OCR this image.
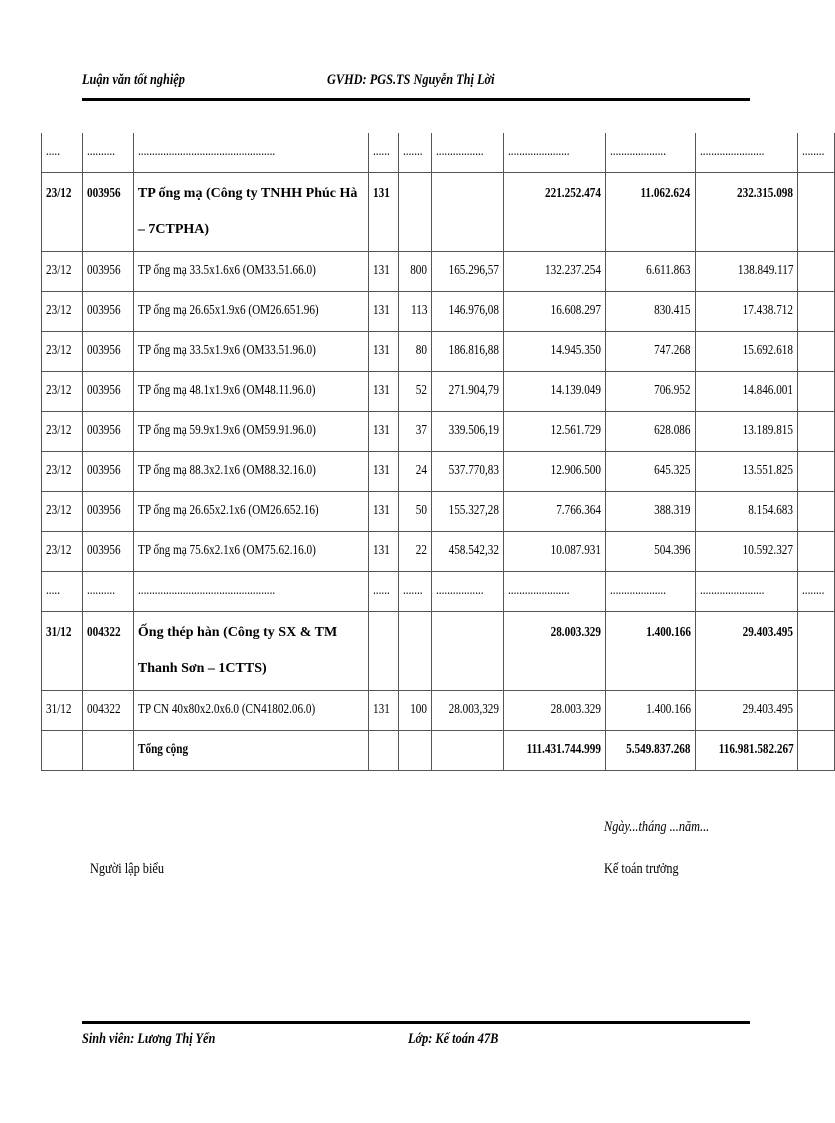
Luận văn tốt nghiệp	GVHD: PGS.TS Nguyễn Thị Lời
.....	..........	.................................................	......	.......	.................	......................	....................	.......................	........
23/12	003956	TP ống mạ (Công ty TNHH Phúc Hà – 7CTPHA)	131			221.252.474	11.062.624	232.315.098	
23/12	003956	TP ống mạ 33.5x1.6x6 (OM33.51.66.0)	131	800	165.296,57	132.237.254	6.611.863	138.849.117	
23/12	003956	TP ống mạ 26.65x1.9x6 (OM26.651.96)	131	113	146.976,08	16.608.297	830.415	17.438.712	
23/12	003956	TP ống mạ 33.5x1.9x6 (OM33.51.96.0)	131	80	186.816,88	14.945.350	747.268	15.692.618	
23/12	003956	TP ống mạ 48.1x1.9x6 (OM48.11.96.0)	131	52	271.904,79	14.139.049	706.952	14.846.001	
23/12	003956	TP ống mạ 59.9x1.9x6 (OM59.91.96.0)	131	37	339.506,19	12.561.729	628.086	13.189.815	
23/12	003956	TP ống mạ 88.3x2.1x6 (OM88.32.16.0)	131	24	537.770,83	12.906.500	645.325	13.551.825	
23/12	003956	TP ống mạ 26.65x2.1x6 (OM26.652.16)	131	50	155.327,28	7.766.364	388.319	8.154.683	
23/12	003956	TP ống mạ 75.6x2.1x6 (OM75.62.16.0)	131	22	458.542,32	10.087.931	504.396	10.592.327	
.....	..........	.................................................	......	.......	.................	......................	....................	.......................	........
31/12	004322	Ống thép hàn (Công ty SX & TM Thanh Sơn – 1CTTS)				28.003.329	1.400.166	29.403.495	
31/12	004322	TP CN 40x80x2.0x6.0 (CN41802.06.0)	131	100	28.003,329	28.003.329	1.400.166	29.403.495	
		Tổng cộng				111.431.744.999	5.549.837.268	116.981.582.267	
Ngày...tháng ...năm...
Người lập biểu	Kế toán trưởng
Sinh viên: Lương Thị Yến	Lớp: Kế toán 47B
